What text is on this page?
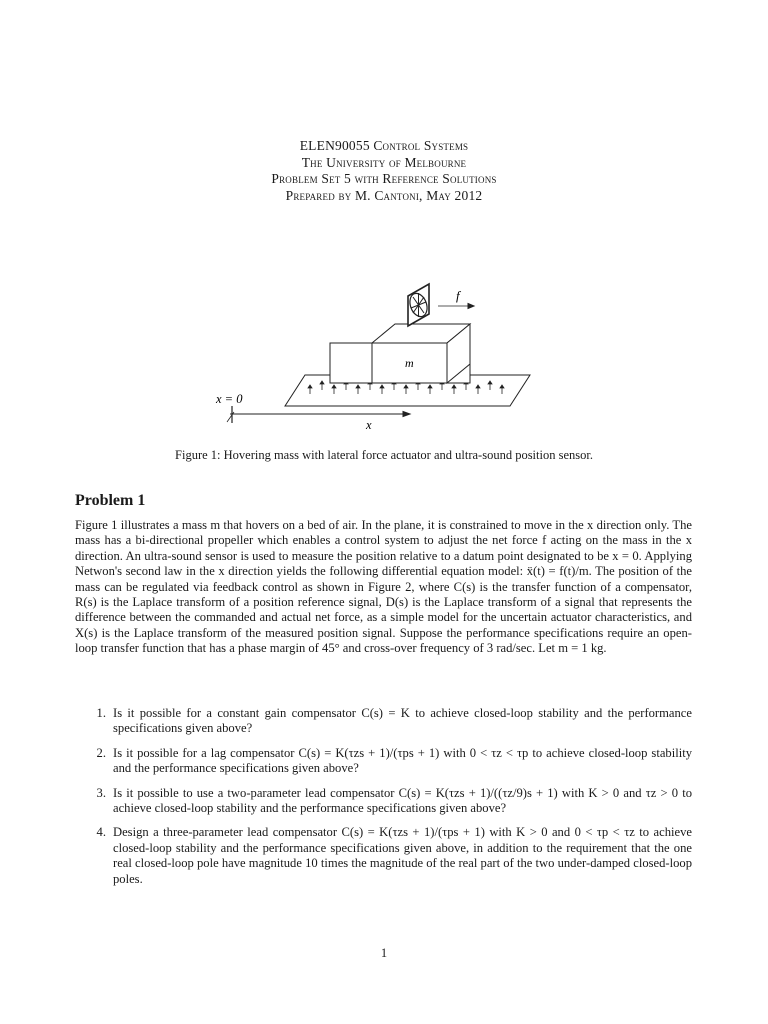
ELEN90055 Control Systems
The University of Melbourne
Problem Set 5 with Reference Solutions
Prepared by M. Cantoni, May 2012
f
m
x = 0
x
Figure 1: Hovering mass with lateral force actuator and ultra-sound position sensor.
Problem 1
Figure 1 illustrates a mass m that hovers on a bed of air. In the plane, it is constrained to move in the x direction only. The mass has a bi-directional propeller which enables a control system to adjust the net force f acting on the mass in the x direction. An ultra-sound sensor is used to measure the position relative to a datum point designated to be x = 0. Applying Netwon's second law in the x direction yields the following differential equation model: ẍ(t) = f(t)/m. The position of the mass can be regulated via feedback control as shown in Figure 2, where C(s) is the transfer function of a compensator, R(s) is the Laplace transform of a position reference signal, D(s) is the Laplace transform of a signal that represents the difference between the commanded and actual net force, as a simple model for the uncertain actuator characteristics, and X(s) is the Laplace transform of the measured position signal. Suppose the performance specifications require an open-loop transfer function that has a phase margin of 45° and cross-over frequency of 3 rad/sec. Let m = 1 kg.
1. Is it possible for a constant gain compensator C(s) = K to achieve closed-loop stability and the performance specifications given above?
2. Is it possible for a lag compensator C(s) = K(τzs + 1)/(τps + 1) with 0 < τz < τp to achieve closed-loop stability and the performance specifications given above?
3. Is it possible to use a two-parameter lead compensator C(s) = K(τzs + 1)/((τz/9)s + 1) with K > 0 and τz > 0 to achieve closed-loop stability and the performance specifications given above?
4. Design a three-parameter lead compensator C(s) = K(τzs + 1)/(τps + 1) with K > 0 and 0 < τp < τz to achieve closed-loop stability and the performance specifications given above, in addition to the requirement that the one real closed-loop pole have magnitude 10 times the magnitude of the real part of the two under-damped closed-loop poles.
1
